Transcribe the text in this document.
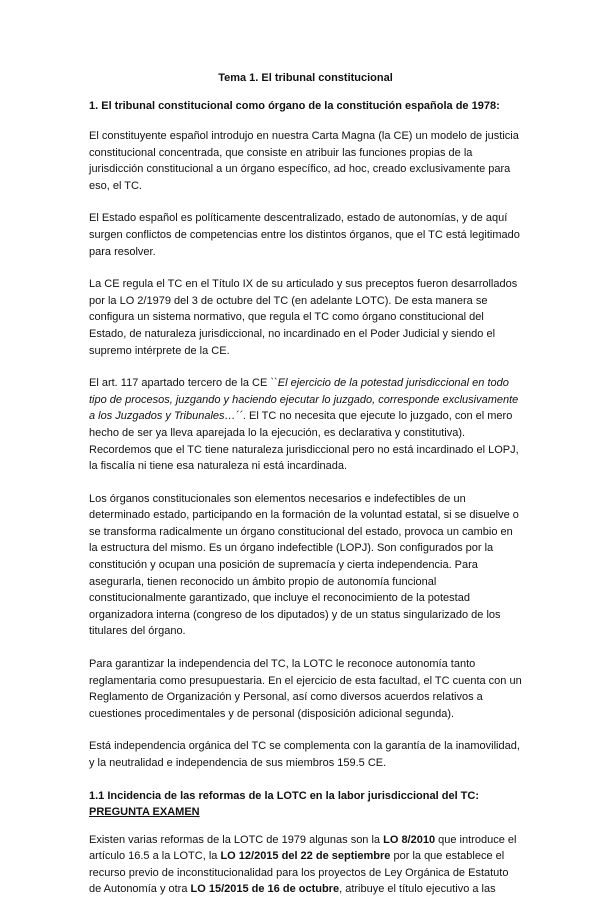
Tema 1. El tribunal constitucional
1. El tribunal constitucional como órgano de la constitución española de 1978:

El constituyente español introdujo en nuestra Carta Magna (la CE) un modelo de justicia constitucional concentrada, que consiste en atribuir las funciones propias de la jurisdicción constitucional a un órgano específico, ad hoc, creado exclusivamente para eso, el TC.

El Estado español es políticamente descentralizado, estado de autonomías, y de aquí surgen conflictos de competencias entre los distintos órganos, que el TC está legitimado para resolver.

La CE regula el TC en el Título IX de su articulado y sus preceptos fueron desarrollados por la LO 2/1979 del 3 de octubre del TC (en adelante LOTC). De esta manera se configura un sistema normativo, que regula el TC como órgano constitucional del Estado, de naturaleza jurisdiccional, no incardinado en el Poder Judicial y siendo el supremo intérprete de la CE.

El art. 117 apartado tercero de la CE ``El ejercicio de la potestad jurisdiccional en todo tipo de procesos, juzgando y haciendo ejecutar lo juzgado, corresponde exclusivamente a los Juzgados y Tribunales…´´. El TC no necesita que ejecute lo juzgado, con el mero hecho de ser ya lleva aparejada lo la ejecución, es declarativa y constitutiva). Recordemos que el TC tiene naturaleza jurisdiccional pero no está incardinado el LOPJ, la fiscalía ni tiene esa naturaleza ni está incardinada.

Los órganos constitucionales son elementos necesarios e indefectibles de un determinado estado, participando en la formación de la voluntad estatal, si se disuelve o se transforma radicalmente un órgano constitucional del estado, provoca un cambio en la estructura del mismo. Es un órgano indefectible (LOPJ). Son configurados por la constitución y ocupan una posición de supremacía y cierta independencia. Para asegurarla, tienen reconocido un ámbito propio de autonomía funcional constitucionalmente garantizado, que incluye el reconocimiento de la potestad organizadora interna (congreso de los diputados) y de un status singularizado de los titulares del órgano.

Para garantizar la independencia del TC, la LOTC le reconoce autonomía tanto reglamentaria como presupuestaria. En el ejercicio de esta facultad, el TC cuenta con un Reglamento de Organización y Personal, así como diversos acuerdos relativos a cuestiones procedimentales y de personal (disposición adicional segunda).

Está independencia orgánica del TC se complementa con la garantía de la inamovilidad, y la neutralidad e independencia de sus miembros 159.5 CE.

1.1 Incidencia de las reformas de la LOTC en la labor jurisdiccional del TC: PREGUNTA EXAMEN

Existen varias reformas de la LOTC de 1979 algunas son la LO 8/2010 que introduce el artículo 16.5 a la LOTC, la LO 12/2015 del 22 de septiembre por la que establece el recurso previo de inconstitucionalidad para los proyectos de Ley Orgánica de Estatuto de Autonomía y otra LO 15/2015 de 16 de octubre, atribuye el título ejecutivo a las
